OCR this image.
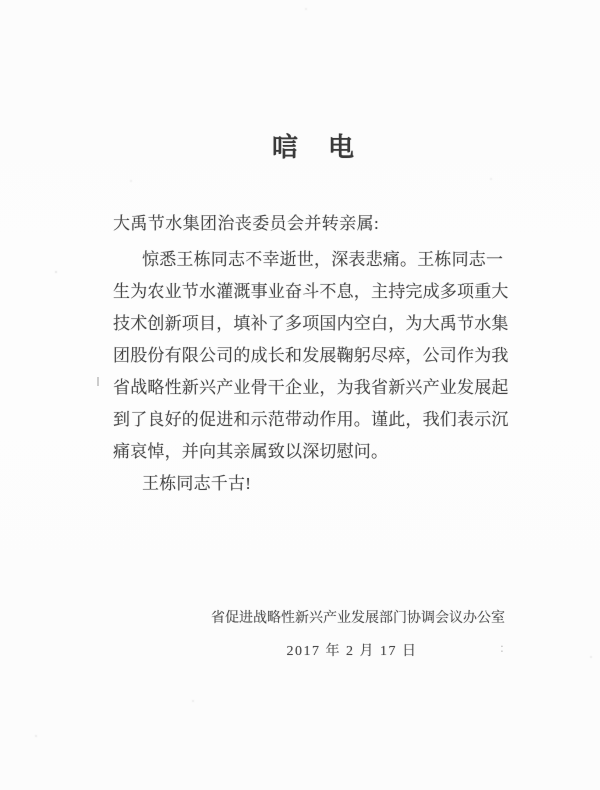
唁　电
大禹节水集团治丧委员会并转亲属:
惊悉王栋同志不幸逝世，深表悲痛。王栋同志一
生为农业节水灌溉事业奋斗不息，主持完成多项重大
技术创新项目，填补了多项国内空白，为大禹节水集
团股份有限公司的成长和发展鞠躬尽瘁，公司作为我
省战略性新兴产业骨干企业，为我省新兴产业发展起
到了良好的促进和示范带动作用。谨此，我们表示沉
痛哀悼，并向其亲属致以深切慰问。
王栋同志千古!
省促进战略性新兴产业发展部门协调会议办公室
2017 年 2 月 17 日	:
